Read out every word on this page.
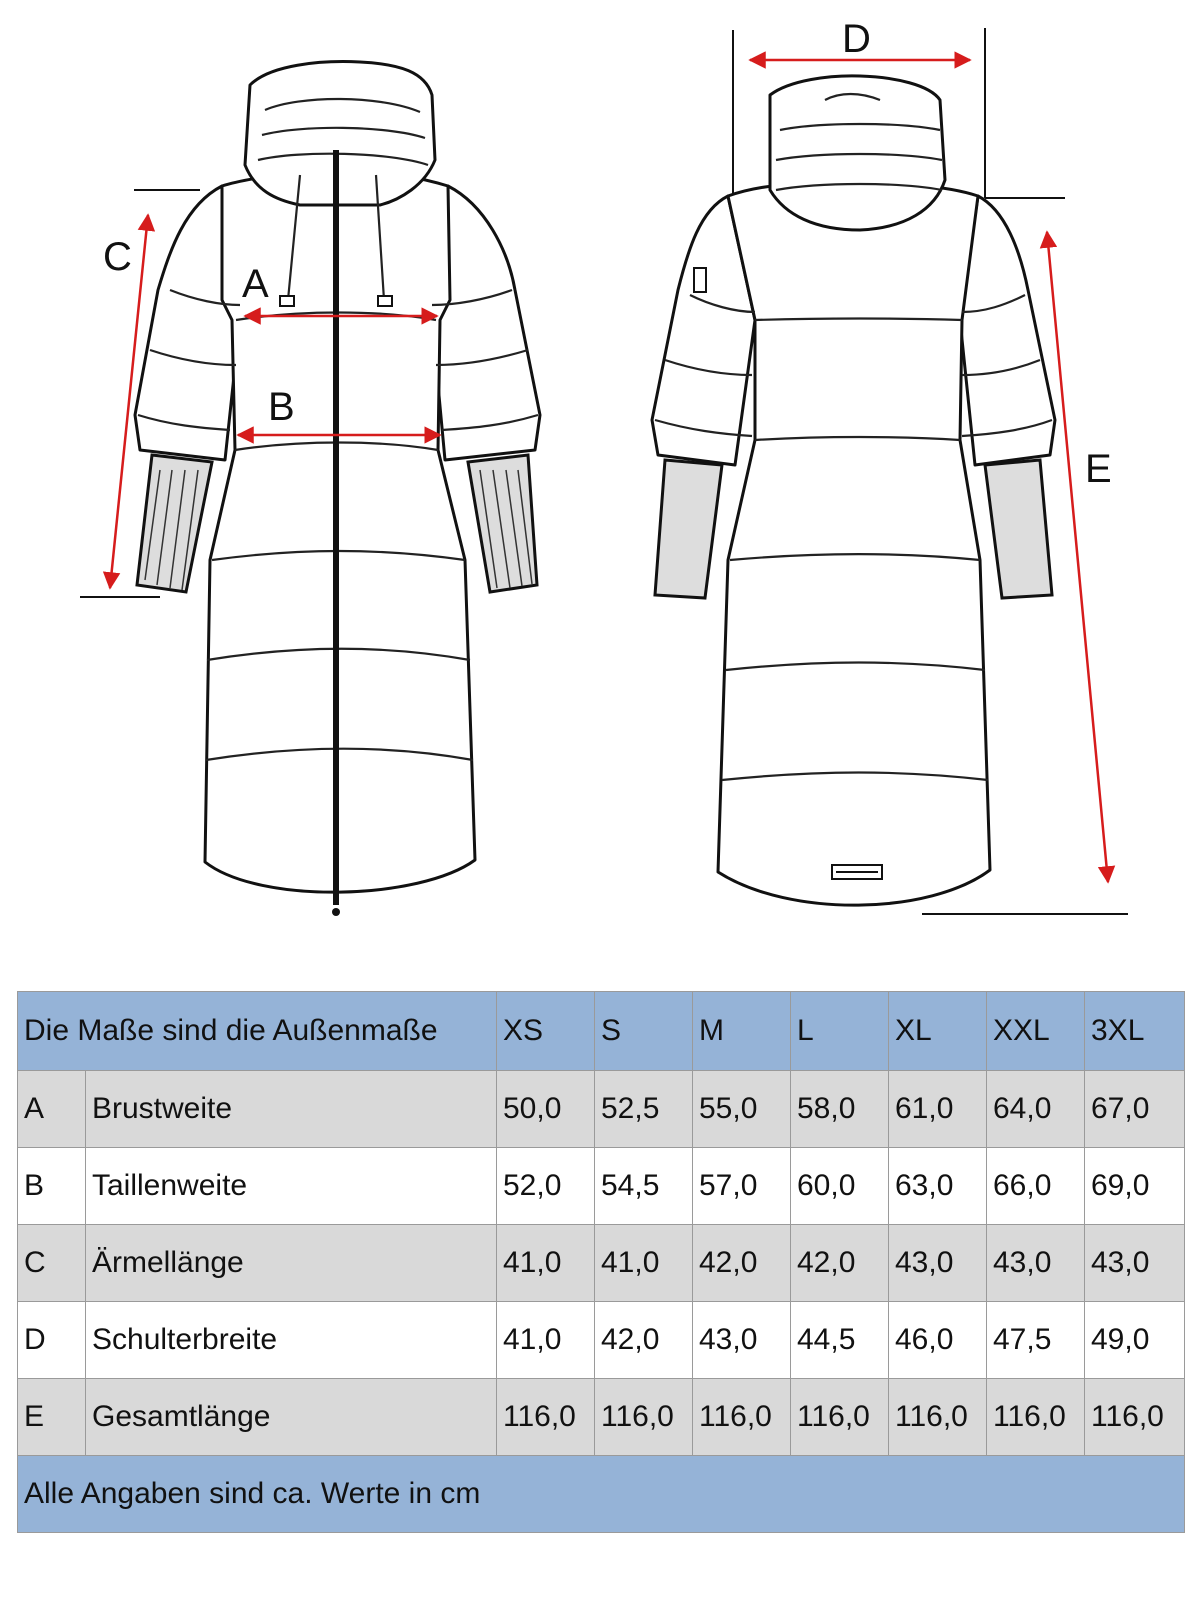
C
A
B
D
E
Die Maße sind die Außenmaße		XS	S	M	L	XL	XXL	3XL
A	Brustweite	50,0	52,5	55,0	58,0	61,0	64,0	67,0
B	Taillenweite	52,0	54,5	57,0	60,0	63,0	66,0	69,0
C	Ärmellänge	41,0	41,0	42,0	42,0	43,0	43,0	43,0
D	Schulterbreite	41,0	42,0	43,0	44,5	46,0	47,5	49,0
E	Gesamtlänge	116,0	116,0	116,0	116,0	116,0	116,0	116,0
Alle Angaben sind ca. Werte in cm								
